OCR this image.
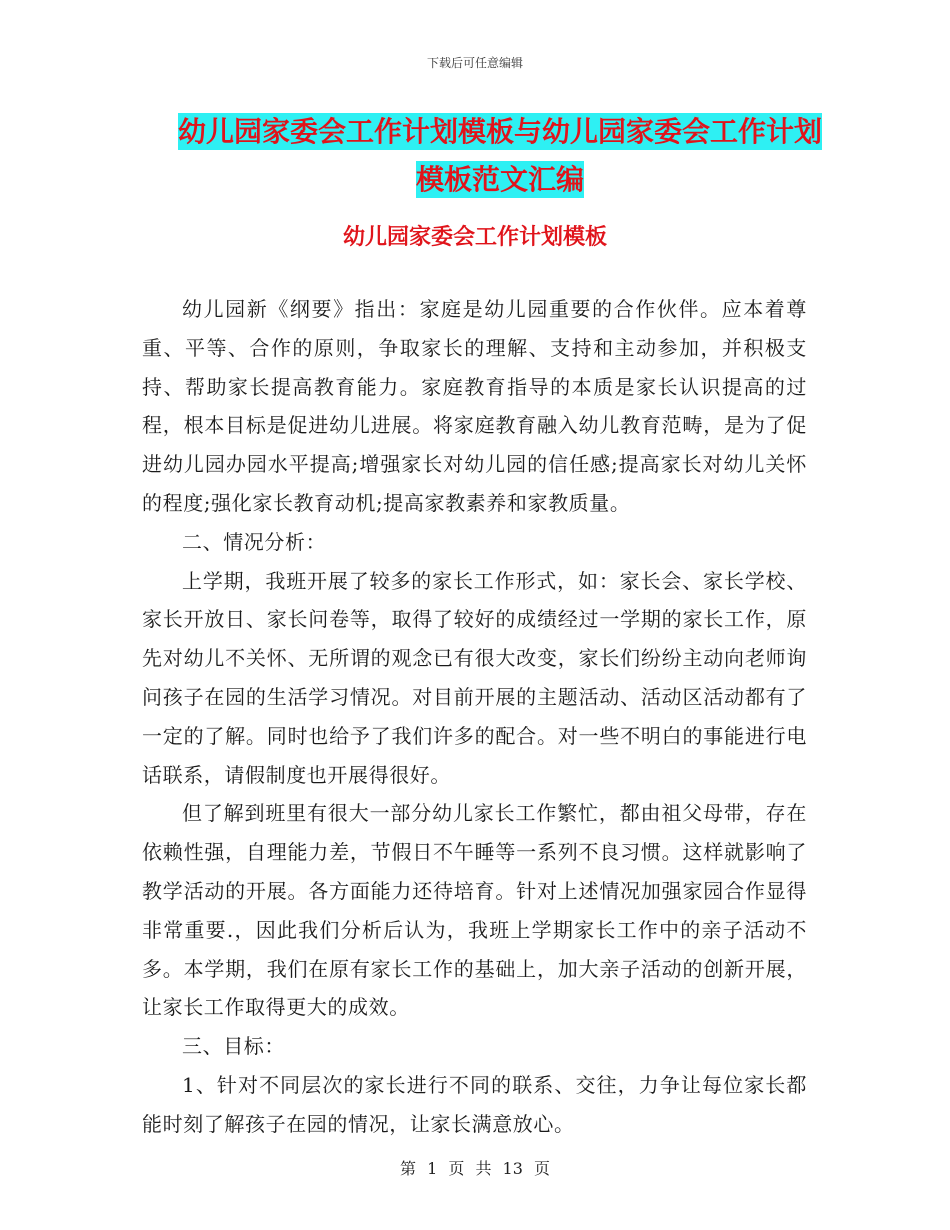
下载后可任意编辑
幼儿园家委会工作计划模板与幼儿园家委会工作计划
模板范文汇编
幼儿园家委会工作计划模板

幼儿园新《纲要》指出：家庭是幼儿园重要的合作伙伴。应本着尊重、平等、合作的原则，争取家长的理解、支持和主动参加，并积极支持、帮助家长提高教育能力。家庭教育指导的本质是家长认识提高的过程，根本目标是促进幼儿进展。将家庭教育融入幼儿教育范畴，是为了促进幼儿园办园水平提高;增强家长对幼儿园的信任感;提高家长对幼儿关怀的程度;强化家长教育动机;提高家教素养和家教质量。

二、情况分析：

上学期，我班开展了较多的家长工作形式，如：家长会、家长学校、家长开放日、家长问卷等，取得了较好的成绩经过一学期的家长工作，原先对幼儿不关怀、无所谓的观念已有很大改变，家长们纷纷主动向老师询问孩子在园的生活学习情况。对目前开展的主题活动、活动区活动都有了一定的了解。同时也给予了我们许多的配合。对一些不明白的事能进行电话联系，请假制度也开展得很好。

但了解到班里有很大一部分幼儿家长工作繁忙，都由祖父母带，存在依赖性强，自理能力差，节假日不午睡等一系列不良习惯。这样就影响了教学活动的开展。各方面能力还待培育。针对上述情况加强家园合作显得非常重要.，因此我们分析后认为，我班上学期家长工作中的亲子活动不多。本学期，我们在原有家长工作的基础上，加大亲子活动的创新开展，让家长工作取得更大的成效。

三、目标：

1、针对不同层次的家长进行不同的联系、交往，力争让每位家长都能时刻了解孩子在园的情况，让家长满意放心。

第 1 页 共 13 页
